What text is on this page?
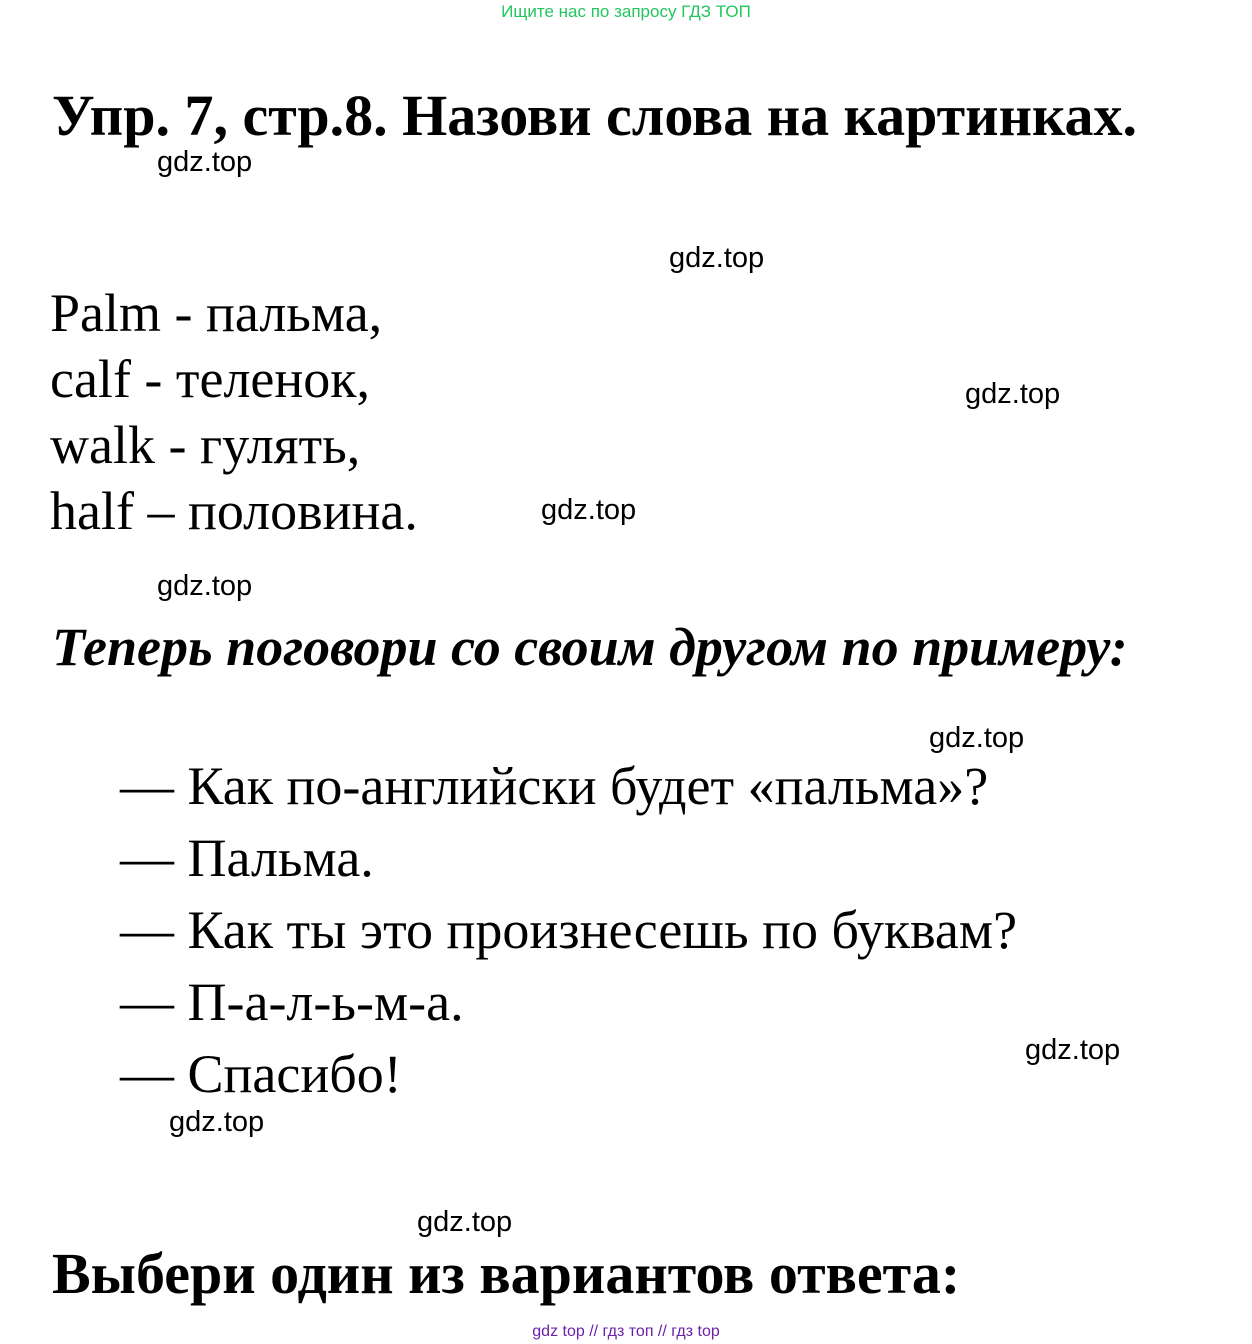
Ищите нас по запросу ГДЗ ТОП
Упр. 7, стр.8. Назови слова на картинках.
gdz.top
gdz.top
Palm - пальма,
calf - теленок,
walk - гулять,
half – половина.
gdz.top
gdz.top
gdz.top
Теперь поговори со своим другом по примеру:
gdz.top
— Как по-английски будет «пальма»?
— Пальма.
— Как ты это произнесешь по буквам?
— П-а-л-ь-м-а.
— Спасибо!	gdz.top
gdz.top
gdz.top
Выбери один из вариантов ответа:
gdz top // гдз топ // гдз top
